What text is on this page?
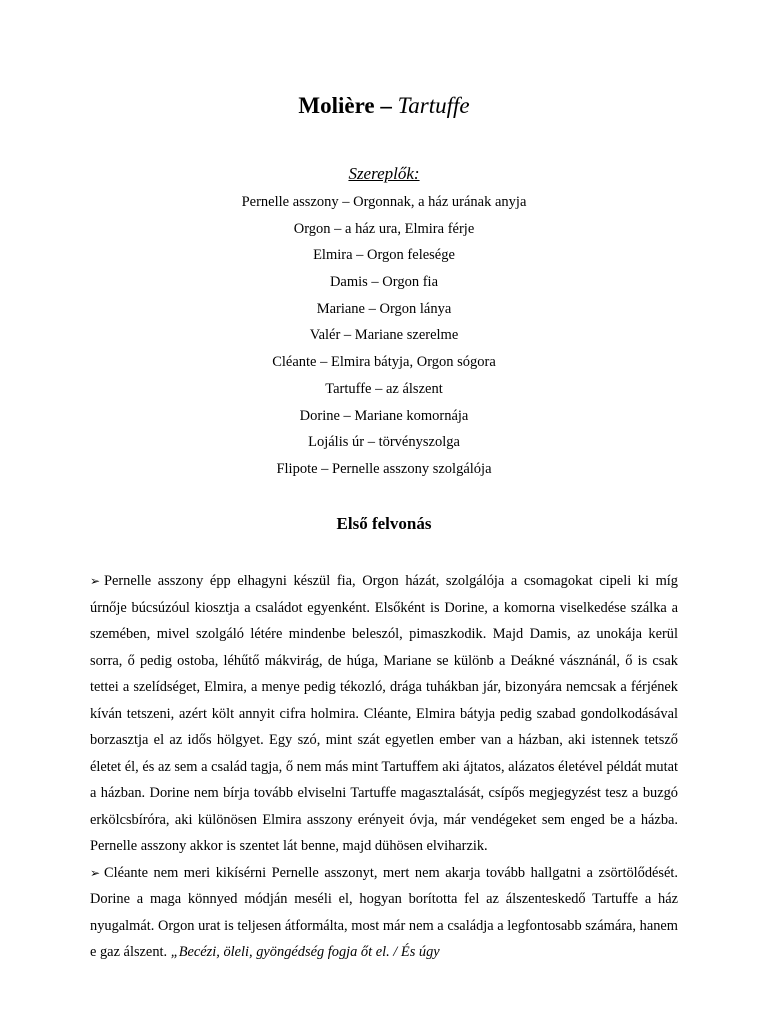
Molière – Tartuffe
Szereplők:
Pernelle asszony – Orgonnak, a ház urának anyja
Orgon – a ház ura, Elmira férje
Elmira – Orgon felesége
Damis – Orgon fia
Mariane – Orgon lánya
Valér – Mariane szerelme
Cléante – Elmira bátyja, Orgon sógora
Tartuffe – az álszent
Dorine – Mariane komornája
Lojális úr – törvényszolga
Flipote – Pernelle asszony szolgálója
Első felvonás

➢ Pernelle asszony épp elhagyni készül fia, Orgon házát, szolgálója a csomagokat cipeli ki míg úrnője búcsúzóul kiosztja a családot egyenként. Elsőként is Dorine, a komorna viselkedése szálka a szemében, mivel szolgáló létére mindenbe beleszól, pimaszkodik. Majd Damis, az unokája kerül sorra, ő pedig ostoba, léhűtő mákvirág, de húga, Mariane se különb a Deákné vásznánál, ő is csak tettei a szelídséget, Elmira, a menye pedig tékozló, drága tuhákban jár, bizonyára nemcsak a férjének kíván tetszeni, azért költ annyit cifra holmira. Cléante, Elmira bátyja pedig szabad gondolkodásával borzasztja el az idős hölgyet. Egy szó, mint szát egyetlen ember van a házban, aki istennek tetsző életet él, és az sem a család tagja, ő nem más mint Tartuffem aki ájtatos, alázatos életével példát mutat a házban. Dorine nem bírja tovább elviselni Tartuffe magasztalását, csípős megjegyzést tesz a buzgó erkölcsbíróra, aki különösen Elmira asszony erényeit óvja, már vendégeket sem enged be a házba. Pernelle asszony akkor is szentet lát benne, majd dühösen elviharzik.

➢ Cléante nem meri kikísérni Pernelle asszonyt, mert nem akarja tovább hallgatni a zsörtölődését. Dorine a maga könnyed módján meséli el, hogyan borította fel az álszenteskedő Tartuffe a ház nyugalmát. Orgon urat is teljesen átformálta, most már nem a családja a legfontosabb számára, hanem e gaz álszent. „Becézi, öleli, gyöngédség fogja őt el. / És úgy
